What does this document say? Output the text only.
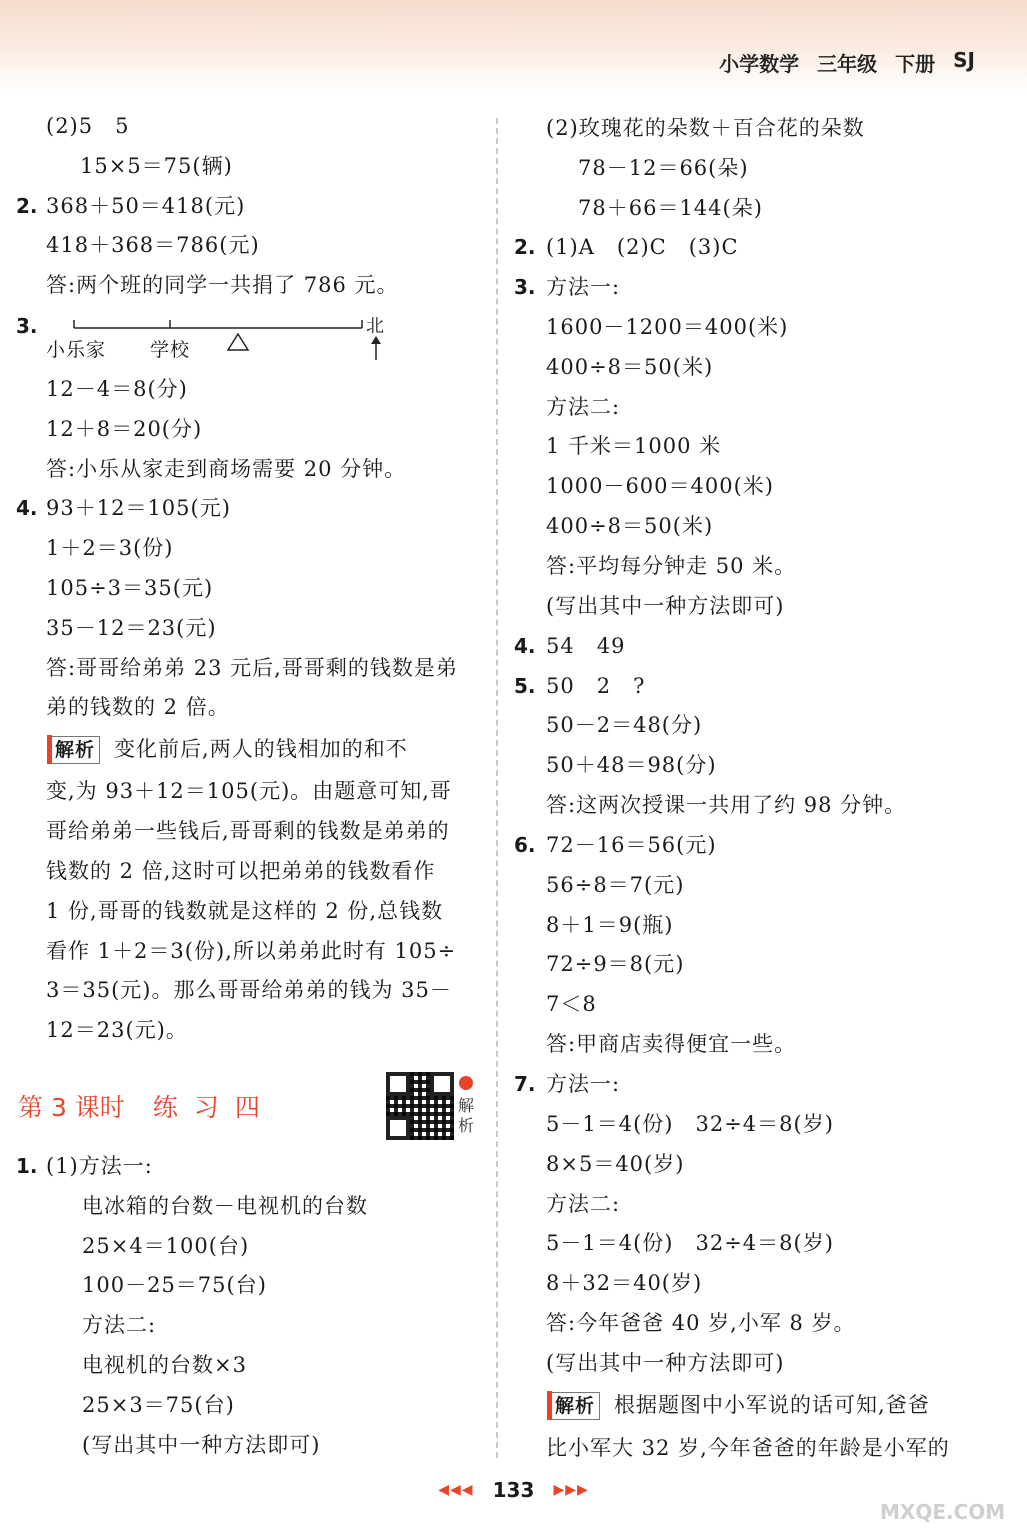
小学数学 三年级 下册 SJ
(2)5　5
15×5＝75(辆)
2. 368＋50＝418(元)
418＋368＝786(元)
答:两个班的同学一共捐了 786 元。
3.	北
小乐家 学校
12－4＝8(分)
12＋8＝20(分)
答:小乐从家走到商场需要 20 分钟。
4. 93＋12＝105(元)
1＋2＝3(份)
105÷3＝35(元)
35－12＝23(元)
答:哥哥给弟弟 23 元后,哥哥剩的钱数是弟
弟的钱数的 2 倍。
解析 变化前后,两人的钱相加的和不
变,为 93＋12＝105(元)。由题意可知,哥
哥给弟弟一些钱后,哥哥剩的钱数是弟弟的
钱数的 2 倍,这时可以把弟弟的钱数看作
1 份,哥哥的钱数就是这样的 2 份,总钱数
看作 1＋2＝3(份),所以弟弟此时有 105÷
3＝35(元)。那么哥哥给弟弟的钱为 35－
12＝23(元)。
第 3 课时 练习四	解析
1. (1)方法一:
电冰箱的台数－电视机的台数
25×4＝100(台)
100－25＝75(台)
方法二:
电视机的台数×3
25×3＝75(台)
(写出其中一种方法即可)
(2)玫瑰花的朵数＋百合花的朵数
78－12＝66(朵)
78＋66＝144(朵)
2. (1)A　(2)C　(3)C
3. 方法一:
1600－1200＝400(米)
400÷8＝50(米)
方法二:
1 千米＝1000 米
1000－600＝400(米)
400÷8＝50(米)
答:平均每分钟走 50 米。
(写出其中一种方法即可)
4. 54　49
5. 50　2　?
50－2＝48(分)
50＋48＝98(分)
答:这两次授课一共用了约 98 分钟。
6. 72－16＝56(元)
56÷8＝7(元)
8＋1＝9(瓶)
72÷9＝8(元)
7＜8
答:甲商店卖得便宜一些。
7. 方法一:
5－1＝4(份)　32÷4＝8(岁)
8×5＝40(岁)
方法二:
5－1＝4(份)　32÷4＝8(岁)
8＋32＝40(岁)
答:今年爸爸 40 岁,小军 8 岁。
(写出其中一种方法即可)
解析 根据题图中小军说的话可知,爸爸
比小军大 32 岁,今年爸爸的年龄是小军的
◀◀◀ 133 ▶▶▶
MXQE.COM
